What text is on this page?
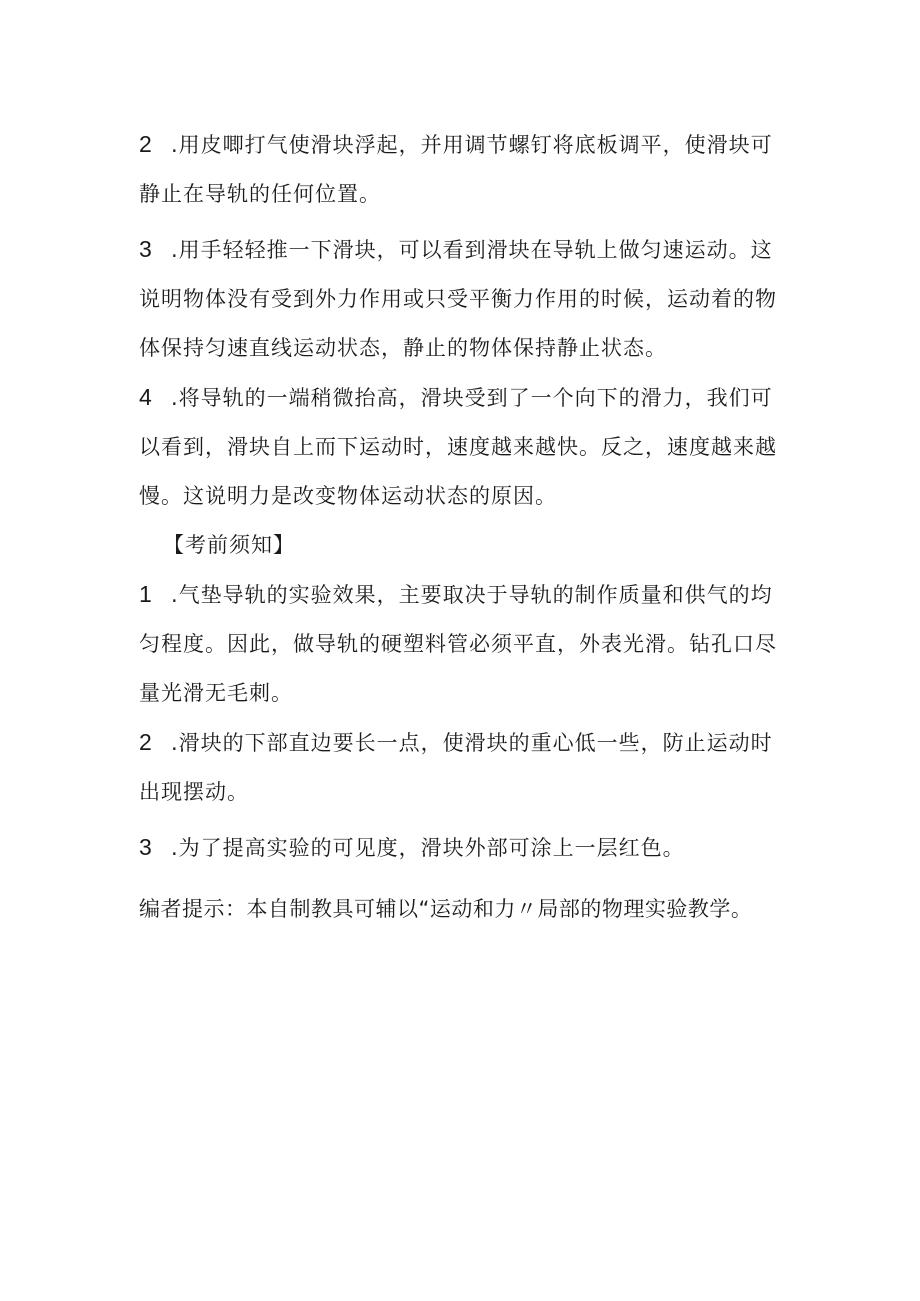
2 .用皮唧打气使滑块浮起，并用调节螺钉将底板调平，使滑块可静止在导轨的任何位置。

3 .用手轻轻推一下滑块，可以看到滑块在导轨上做匀速运动。这说明物体没有受到外力作用或只受平衡力作用的时候，运动着的物体保持匀速直线运动状态，静止的物体保持静止状态。

4 .将导轨的一端稍微抬高，滑块受到了一个向下的滑力，我们可以看到，滑块自上而下运动时，速度越来越快。反之，速度越来越慢。这说明力是改变物体运动状态的原因。

【考前须知】

1 .气垫导轨的实验效果，主要取决于导轨的制作质量和供气的均匀程度。因此，做导轨的硬塑料管必须平直，外表光滑。钻孔口尽量光滑无毛刺。

2 .滑块的下部直边要长一点，使滑块的重心低一些，防止运动时出现摆动。

3 .为了提高实验的可见度，滑块外部可涂上一层红色。

编者提示：本自制教具可辅以“运动和力〃局部的物理实验教学。
